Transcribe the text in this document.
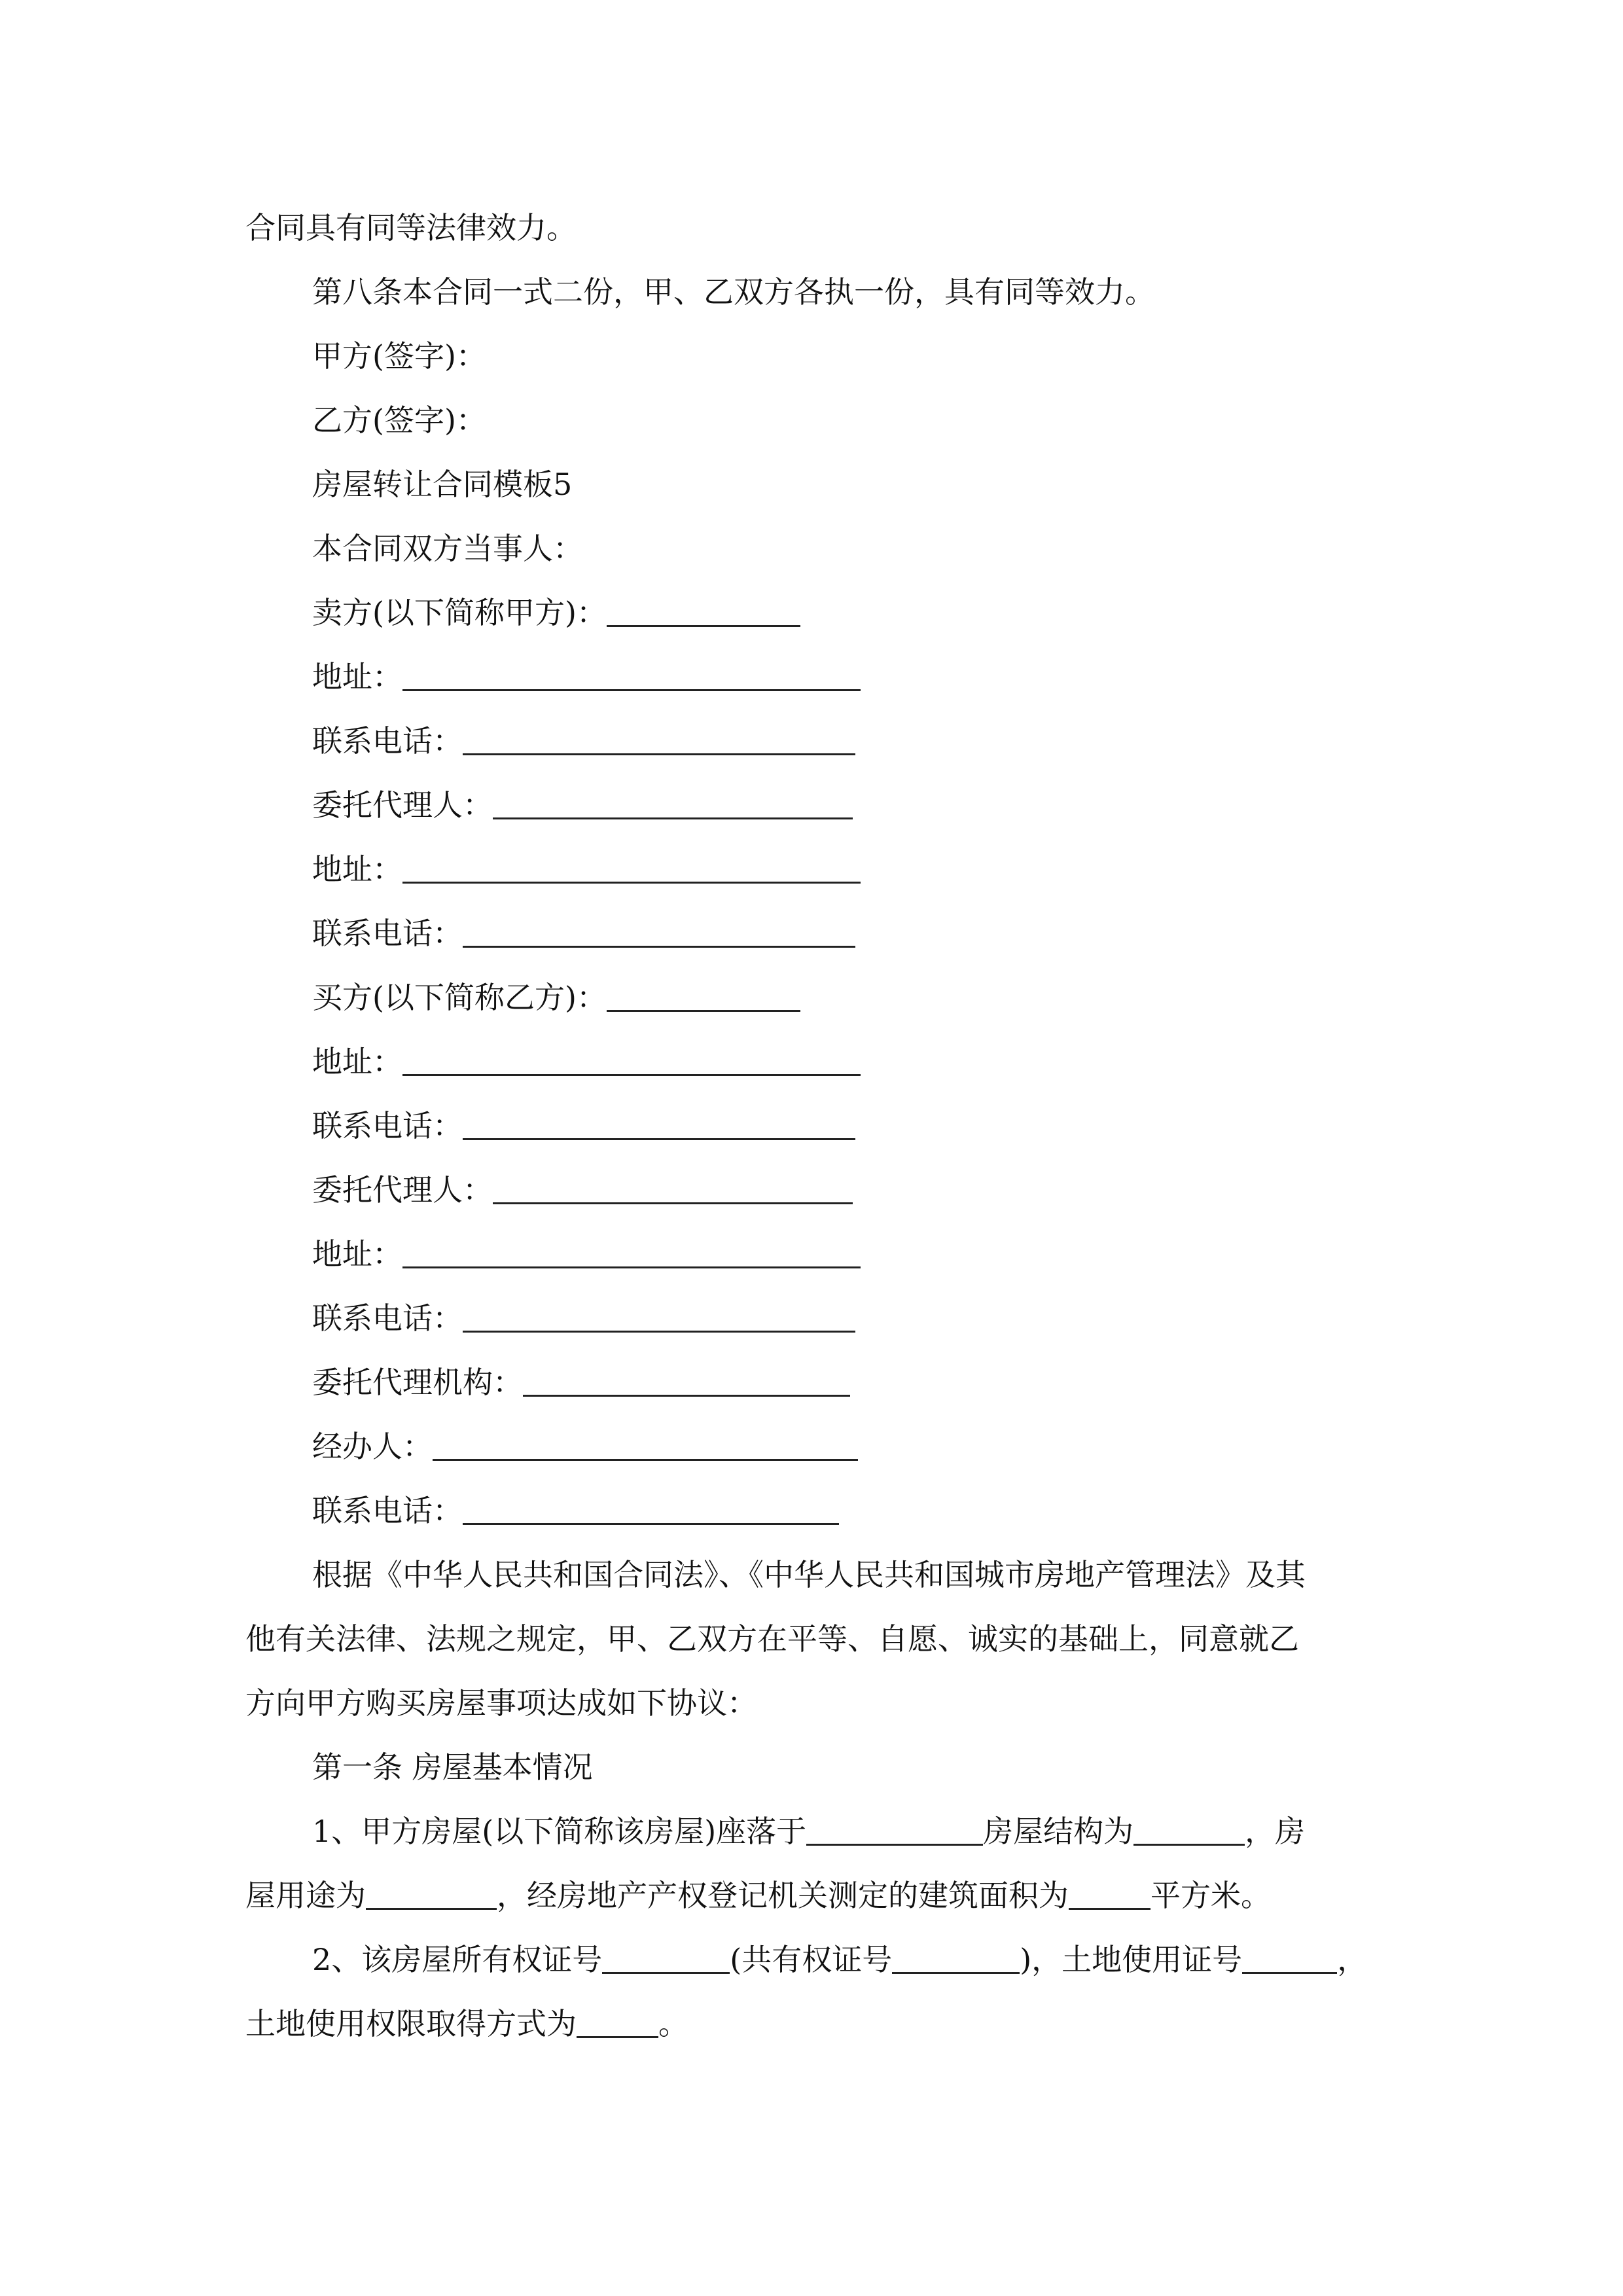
合同具有同等法律效力。
第八条本合同一式二份，甲、乙双方各执一份，具有同等效力。
甲方(签字)：
乙方(签字)：
房屋转让合同模板5
本合同双方当事人：
卖方(以下简称甲方)：
地址：
联系电话：
委托代理人：
地址：
联系电话：
买方(以下简称乙方)：
地址：
联系电话：
委托代理人：
地址：
联系电话：
委托代理机构：
经办人：
联系电话：
根据《中华人民共和国合同法》、《中华人民共和国城市房地产管理法》及其
他有关法律、法规之规定，甲、乙双方在平等、自愿、诚实的基础上，同意就乙
方向甲方购买房屋事项达成如下协议：
第一条 房屋基本情况
1、甲方房屋(以下简称该房屋)座落于	房屋结构为	，房
屋用途为	，经房地产产权登记机关测定的建筑面积为	平方米。
2、该房屋所有权证号	(共有权证号	)，土地使用证号	，
土地使用权限取得方式为	。
